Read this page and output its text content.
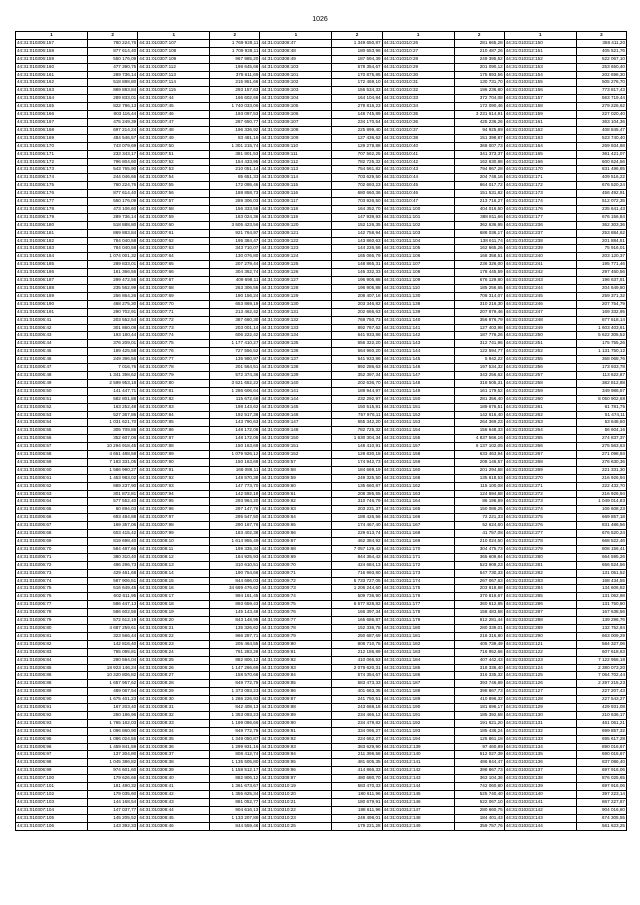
1026
1	2	1	2	1	2	1	2	1	2
44:31:010306:157	780 224,76	44:31:010307:107	1 769 928,11	44:31:010308:47	1 349 650,87	44:31:010310:26	281 665,28	44:31:010312:150	358 411,20
44:31:010306:158	877 614,40	44:31:010307:108	1 709 928,11	44:31:010308:48	180 653,96	44:31:010310:27	210 487,26	44:31:010312:151	405 521,76
44:31:010306:159	550 176,09	44:31:010307:109	967 985,20	44:31:010308:49	187 594,39	44:31:010310:28	249 395,52	44:31:010312:152	522 067,10
44:31:010306:160	477 390,75	44:31:010307:112	198 645,68	44:31:010308:103	578 354,67	44:31:010310:29	201 090,12	44:31:010312:153	253 650,40
44:31:010306:161	289 736,14	44:31:010307:113	378 611,69	44:31:010309:101	170 875,85	44:31:010310:30	175 893,56	44:31:010312:154	202 698,30
44:31:010306:162	518 888,80	44:31:010307:114	215 951,66	44:31:010309:102	172 469,10	44:31:010310:31	130 731,70	44:31:010312:155	505 276,70
44:31:010306:163	869 883,84	44:31:010307:115	293 157,63	44:31:010309:103	156 534,33	44:31:010310:32	196 236,80	44:31:010312:156	773 817,43
44:31:010306:164	289 833,01	44:31:010307:44	166 602,66	44:31:010309:104	164 104,84	44:31:010310:33	372 704,08	44:31:010312:157	563 719,44
44:31:010306:165	822 786,13	44:31:010307:45	1 740 033,06	44:31:010309:105	278 816,23	44:31:010310:34	172 090,46	44:31:010312:158	279 226,62
44:31:010306:166	803 116,44	44:31:010307:46	193 097,53	44:31:010309:106	148 745,89	44:31:010310:35	3 231 614,91	44:31:010312:159	227 020,40
44:31:010306:167	475 249,39	44:31:010307:47	287 650,77	44:31:010309:107	234 170,54	44:31:010310:36	425 236,26	44:31:010312:161	363 104,36
44:31:010306:168	697 214,24	44:31:010307:48	196 336,92	44:31:010309:108	225 899,40	44:31:010310:37	94 925,89	44:31:010312:162	408 845,47
44:31:010306:169	484 546,57	44:31:010307:49	83 481,16	44:31:010309:109	127 436,62	44:31:010310:38	151 398,87	44:31:010312:163	523 740,40
44:31:010306:170	743 079,69	44:31:010307:50	1 301 215,74	44:31:010309:110	129 278,88	44:31:010310:40	368 007,73	44:31:010312:164	269 934,88
44:31:010306:171	233 343,17	44:31:010307:51	381 801,53	44:31:010309:111	707 562,25	44:31:010310:41	341 373,37	44:31:010312:165	361 421,07
44:31:010306:172	796 804,60	44:31:010307:52	154 433,95	44:31:010309:112	782 725,32	44:31:010310:42	162 630,88	44:31:010312:166	600 624,56
44:31:010306:173	543 765,90	44:31:010307:53	210 051,14	44:31:010309:113	754 561,82	44:31:010310:43	794 867,28	44:31:010312:170	831 496,85
44:31:010306:174	244 046,66	44:31:010307:54	85 651,33	44:31:010309:114	703 629,50	44:31:010310:44	204 748,16	44:31:010312:171	409 516,22
44:31:010306:175	760 224,76	44:31:010307:55	172 095,46	44:31:010309:115	702 693,23	44:31:010310:45	664 017,72	44:31:010312:172	676 520,24
44:31:010306:176	877 614,40	44:31:010307:56	188 858,73	44:31:010309:116	680 660,36	44:31:010310:46	151 531,82	44:31:010312:173	456 492,91
44:31:010306:177	550 176,09	44:31:010307:57	289 306,03	44:31:010309:117	703 926,50	44:31:010310:47	213 716,27	44:31:010312:174	512 072,35
44:31:010306:178	473 106,60	44:31:010307:58	156 333,58	44:31:010309:118	164 352,70	44:31:010311:100	404 016,50	44:31:010312:176	235 641,43
44:31:010306:179	289 736,14	44:31:010307:59	183 024,36	44:31:010309:119	147 939,93	44:31:010311:101	388 811,66	44:31:010312:177	676 156,84
44:31:010306:180	518 888,80	44:31:010307:60	3 505 423,56	44:31:010309:120	152 126,35	44:31:010311:102	362 636,95	44:31:010312:236	362 303,36
44:31:010306:181	869 883,84	44:31:010307:61	921 764,97	44:31:010309:121	142 758,94	44:31:010311:103	688 036,17	44:31:010312:237	253 884,62
44:31:010306:182	784 040,58	44:31:010307:62	195 384,47	44:31:010309:122	143 860,63	44:31:010311:104	138 611,74	44:31:010312:238	201 884,51
44:31:010306:183	784 040,58	44:31:010307:63	343 710,07	44:31:010309:123	144 226,56	44:31:010311:105	162 665,26	44:31:010312:239	75 916,01
44:31:010306:184	1 074 001,32	44:31:010307:64	130 076,80	44:31:010309:124	165 066,79	44:31:010311:106	168 358,51	44:31:010312:240	203 120,37
44:31:010306:185	289 833,01	44:31:010307:65	207 279,44	44:31:010309:125	148 865,31	44:31:010311:107	236 326,00	44:31:010312:241	195 771,46
44:31:010306:186	161 366,56	44:31:010307:66	304 362,74	44:31:010309:126	146 332,33	44:31:010311:108	178 445,59	44:31:010312:242	297 460,56
44:31:010306:187	299 472,56	44:31:010307:67	409 698,11	44:31:010309:127	196 905,88	44:31:010311:109	676 129,80	44:31:010312:243	196 637,51
44:31:010306:188	235 562,99	44:31:010307:68	263 306,56	44:31:010309:128	196 905,88	44:31:010311:110	185 256,65	44:31:010312:244	204 649,80
44:31:010306:189	256 864,26	44:31:010307:69	190 156,24	44:31:010309:129	208 407,16	44:31:010311:130	708 314,07	44:31:010312:245	259 371,32
44:31:010306:190	468 275,30	44:31:010307:70	653 869,19	44:31:010309:130	203 346,82	44:31:010311:138	310 216,30	44:31:010312:246	207 754,79
44:31:010306:191	290 702,91	44:31:010307:71	213 462,42	44:31:010309:131	202 666,63	44:31:010311:139	207 879,46	44:31:010312:247	169 332,95
44:31:010306:41	203 552,54	44:31:010307:72	387 660,30	44:31:010309:132	768 750,73	44:31:010311:140	356 876,79	44:31:010312:248	877 618,14
44:31:010306:42	301 860,08	44:31:010307:73	203 001,14	44:31:010309:133	892 767,62	44:31:010311:141	127 403,98	44:31:010312:249	1 603 403,61
44:31:010306:43	193 180,44	44:31:010307:74	606 222,42	44:31:010309:134	641 933,86	44:31:010311:142	187 776,26	44:31:010312:250	5 622 305,52
44:31:010306:44	376 209,01	44:31:010307:75	1 177 410,27	44:31:010309:135	656 322,20	44:31:010311:143	312 741,96	44:31:010312:251	175 755,26
44:31:010306:45	189 425,58	44:31:010307:76	727 556,52	44:31:010309:136	564 960,20	44:31:010311:144	122 594,77	44:31:010312:252	1 131 750,12
44:31:010306:46	249 396,56	44:31:010307:77	135 980,97	44:31:010309:137	541 933,86	44:31:010311:145	5 942,22	44:31:010312:255	368 068,76
44:31:010306:47	7 016,76	44:31:010307:78	201 564,51	44:31:010309:138	892 286,63	44:31:010311:146	197 534,32	44:31:010312:256	173 933,78
44:31:010306:48	1 341 398,62	44:31:010307:79	572 374,36	44:31:010309:139	352 397,34	44:31:010311:147	343 256,62	44:31:010312:257	113 622,87
44:31:010306:49	2 599 953,18	44:31:010307:80	3 521 652,22	44:31:010309:140	202 636,70	44:31:010311:148	318 505,31	44:31:010312:258	382 812,88
44:31:010306:50	141 447,71	44:31:010307:81	1 286 606,64	44:31:010309:141	189 944,97	44:31:010311:149	161 179,52	44:31:010312:259	349 986,57
44:31:010306:51	582 801,88	44:31:010307:82	115 672,68	44:31:010309:144	232 292,97	44:31:010311:150	281 356,40	44:31:010312:260	8 050 902,68
44:31:010306:52	163 252,48	44:31:010307:83	198 143,62	44:31:010309:145	150 515,81	44:31:010311:151	189 676,51	44:31:010312:261	61 781,75
44:31:010306:53	527 367,86	44:31:010307:84	192 517,38	44:31:010309:146	757 976,11	44:31:010311:152	142 616,40	44:31:010312:262	51 474,11
44:31:010306:54	1 031 621,70	44:31:010307:85	143 790,63	44:31:010309:147	655 342,20	44:31:010311:153	264 369,23	44:31:010312:263	53 648,80
44:31:010306:55	305 709,86	44:31:010307:86	148 172,06	44:31:010309:148	782 725,32	44:31:010311:154	156 648,33	44:31:010312:264	56 604,16
44:31:010306:56	352 607,06	44:31:010307:87	148 172,06	44:31:010309:150	1 630 304,34	44:31:010311:155	4 837 566,16	44:31:010312:265	274 837,37
44:31:010306:57	10 294 918,45	44:31:010307:88	150 163,69	44:31:010309:151	148 410,91	44:31:010311:157	6 137 102,05	44:31:010312:266	275 563,63
44:31:010306:58	4 651 488,58	44:31:010307:89	1 079 926,12	44:31:010309:152	128 830,18	44:31:010311:158	633 463,94	44:31:010312:267	271 098,93
44:31:010306:59	7 183 331,05	44:31:010307:90	150 163,69	44:31:010309:57	174 942,73	44:31:010311:159	208 146,57	44:31:010312:268	276 630,36
44:31:010306:60	1 586 990,27	44:31:010307:91	168 086,11	44:31:010309:58	184 669,19	44:31:010311:160	201 294,58	44:31:010312:269	221 331,30
44:31:010306:61	1 453 983,02	44:31:010307:92	148 570,38	44:31:010309:59	249 325,50	44:31:010311:168	135 618,53	44:31:010312:270	216 926,94
44:31:010306:62	889 237,90	44:31:010307:93	147 773,70	44:31:010309:60	135 660,87	44:31:010311:162	115 100,08	44:31:010312:271	222 432,70
44:31:010306:63	301 872,81	44:31:010307:94	142 592,18	44:31:010309:61	208 385,55	44:31:010311:163	124 694,58	44:31:010312:272	216 926,94
44:31:010306:64	577 552,40	44:31:010307:95	293 964,20	44:31:010309:62	310 746,79	44:31:010311:164	86 196,89	44:31:010312:273	1 049 014,83
44:31:010306:65	60 894,03	44:31:010307:96	297 147,76	44:31:010309:63	203 231,37	44:31:010311:165	150 086,25	44:31:010312:274	106 608,23
44:31:010306:66	693 484,88	44:31:010307:97	295 547,50	44:31:010309:64	188 426,56	44:31:010311:166	72 221,33	44:31:010312:275	669 857,18
44:31:010306:67	169 357,06	44:31:010307:98	290 167,76	44:31:010309:65	174 467,40	44:31:010311:167	52 624,60	44:31:010312:276	831 486,56
44:31:010306:68	603 415,42	44:31:010307:99	183 402,38	44:31:010309:66	229 613,74	44:31:010311:168	41 757,08	44:31:010312:277	676 520,24
44:31:010306:69	819 698,40	44:31:010308:10	1 614 955,49	44:31:010309:67	462 384,92	44:31:010311:169	210 024,50	44:31:010312:278	668 522,46
44:31:010306:70	584 487,66	44:31:010308:11	199 335,34	44:31:010309:68	7 057 129,42	44:31:010311:170	304 475,73	44:31:010312:279	808 156,41
44:31:010306:71	380 310,40	44:31:010308:12	184 925,93	44:31:010309:69	844 364,42	44:31:010311:171	365 609,84	44:31:010312:280	664 595,26
44:31:010306:72	496 296,73	44:31:010308:13	310 610,51	44:31:010309:70	424 684,13	44:31:010311:172	523 909,23	44:31:010312:281	656 524,56
44:31:010306:73	429 461,68	44:31:010308:14	190 754,66	44:31:010309:71	716 993,80	44:31:010311:173	547 730,33	44:31:010312:282	131 051,52
44:31:010306:74	587 906,51	44:31:010308:15	844 686,03	44:31:010309:72	5 733 727,05	44:31:010311:174	267 067,63	44:31:010312:283	168 434,55
44:31:010306:75	516 649,45	44:31:010308:16	34 669 476,62	44:31:010309:73	1 206 244,60	44:31:010311:175	203 618,88	44:31:010312:284	134 606,82
44:31:010306:76	602 611,95	44:31:010308:17	994 161,45	44:31:010309:74	509 736,90	44:31:010311:176	370 816,67	44:31:010312:285	131 062,98
44:31:010306:77	586 447,13	44:31:010308:18	893 659,43	44:31:010309:75	6 577 828,82	44:31:010311:177	360 612,85	44:31:010312:286	131 750,80
44:31:010306:78	586 602,56	44:31:010308:19	145 143,48	44:31:010309:76	166 397,34	44:31:010311:178	158 483,58	44:31:010312:287	167 638,56
44:31:010306:79	572 612,19	44:31:010308:20	843 148,95	44:31:010309:77	165 686,87	44:31:010311:179	812 281,44	44:31:010312:288	139 296,76
44:31:010306:80	4 687 259,61	44:31:010308:21	135 326,62	44:31:010309:78	152 336,75	44:31:010311:180	280 339,01	44:31:010312:289	132 752,84
44:31:010306:81	323 566,44	44:31:010308:22	966 287,71	44:31:010309:79	250 687,69	44:31:010311:181	216 316,80	44:31:010312:290	663 009,29
44:31:010306:82	142 816,40	44:31:010308:23	205 464,55	44:31:010309:80	808 710,75	44:31:010311:182	405 739,49	44:31:010313:121	584 327,06
44:31:010306:83	765 095,81	44:31:010308:24	761 283,28	44:31:010309:81	212 186,89	44:31:010311:183	716 952,66	44:31:010313:122	607 618,63
44:31:010306:84	290 594,04	44:31:010308:25	882 806,12	44:31:010309:82	410 066,53	44:31:010311:184	407 442,43	44:31:010313:123	7 122 956,18
44:31:010306:85	18 923 146,24	44:31:010308:26	1 147 266,66	44:31:010309:83	2 079 620,31	44:31:010311:185	318 336,40	44:31:010313:124	2 380 073,20
44:31:010306:86	10 320 806,82	44:31:010308:27	158 570,68	44:31:010309:84	574 354,67	44:31:010311:186	316 335,32	44:31:010313:125	7 064 702,44
44:31:010306:88	1 657 957,62	44:31:010308:28	849 772,79	44:31:010309:85	583 473,33	44:31:010311:187	393 746,89	44:31:010313:126	2 297 215,23
44:31:010306:89	489 067,54	44:31:010308:29	1 373 093,23	44:31:010309:86	401 663,35	44:31:010311:188	398 867,73	44:31:010313:127	227 207,43
44:31:010306:90	1 675 401,23	44:31:010308:30	1 286 226,93	44:31:010309:87	241 750,51	44:31:010311:189	410 896,32	44:31:010313:128	227 543,27
44:31:010306:91	167 203,40	44:31:010308:31	842 408,13	44:31:010309:88	243 668,18	44:31:010311:190	181 696,17	44:31:010313:129	429 931,08
44:31:010306:92	250 186,96	44:31:010308:32	1 353 093,23	44:31:010309:89	234 466,12	44:31:010311:191	185 392,58	44:31:010313:130	210 636,17
44:31:010306:93	1 765 162,03	44:31:010308:33	1 199 086,66	44:31:010309:90	234 479,82	44:31:010311:192	191 621,20	44:31:010313:131	461 061,21
44:31:010306:94	1 096 860,90	44:31:010308:34	849 772,79	44:31:010309:91	334 096,27	44:31:010311:193	185 436,24	44:31:010313:132	699 857,32
44:31:010306:95	1 086 024,56	44:31:010308:35	1 349 050,87	44:31:010309:92	224 662,27	44:31:010311:194	125 861,18	44:31:010313:133	695 617,28
44:31:010306:96	1 459 841,59	44:31:010308:36	1 299 931,16	44:31:010309:93	383 629,90	44:31:010312:139	97 460,89	44:31:010313:134	890 016,67
44:31:010306:97	137 304,80	44:31:010308:37	808 412,74	44:31:010309:94	211 398,58	44:31:010312:140	512 027,39	44:31:010313:135	690 016,67
44:31:010306:98	1 045 386,82	44:31:010308:38	1 135 505,80	44:31:010309:95	481 605,35	44:31:010312:141	486 844,47	44:31:010313:136	837 086,40
44:31:010306:99	974 601,60	44:31:010308:39	1 158 512,17	44:31:010309:96	414 866,33	44:31:010312:142	398 867,73	44:31:010313:137	697 916,06
44:31:010307:100	179 626,66	44:31:010308:40	882 806,12	44:31:010309:97	480 680,70	44:31:010312:143	363 104,36	44:31:010313:138	876 025,65
44:31:010307:101	181 490,32	44:31:010308:41	1 361 673,67	44:31:010310:19	583 470,33	44:31:010312:144	742 060,80	44:31:010313:139	697 916,06
44:31:010307:102	179 035,60	44:31:010308:42	1 355 625,34	44:31:010310:20	180 611,96	44:31:010312:145	525 740,40	44:31:010313:140	397 223,14
44:31:010307:103	144 168,54	44:31:010308:43	881 052,77	44:31:010310:21	180 679,91	44:31:010312:146	522 067,10	44:31:010313:141	867 227,87
44:31:010307:104	147 037,77	44:31:010308:44	904 616,13	44:31:010310:22	188 611,96	44:31:010312:147	280 660,75	44:31:010313:142	904 016,60
44:31:010307:105	145 205,52	44:31:010308:45	1 133 207,88	44:31:010310:23	248 498,01	44:31:010312:148	184 401,43	44:31:010313:143	674 305,55
44:31:010307:106	143 392,33	44:31:010308:46	844 559,46	44:31:010310:25	179 221,28	44:31:010312:149	359 757,76	44:31:010313:144	561 623,25
